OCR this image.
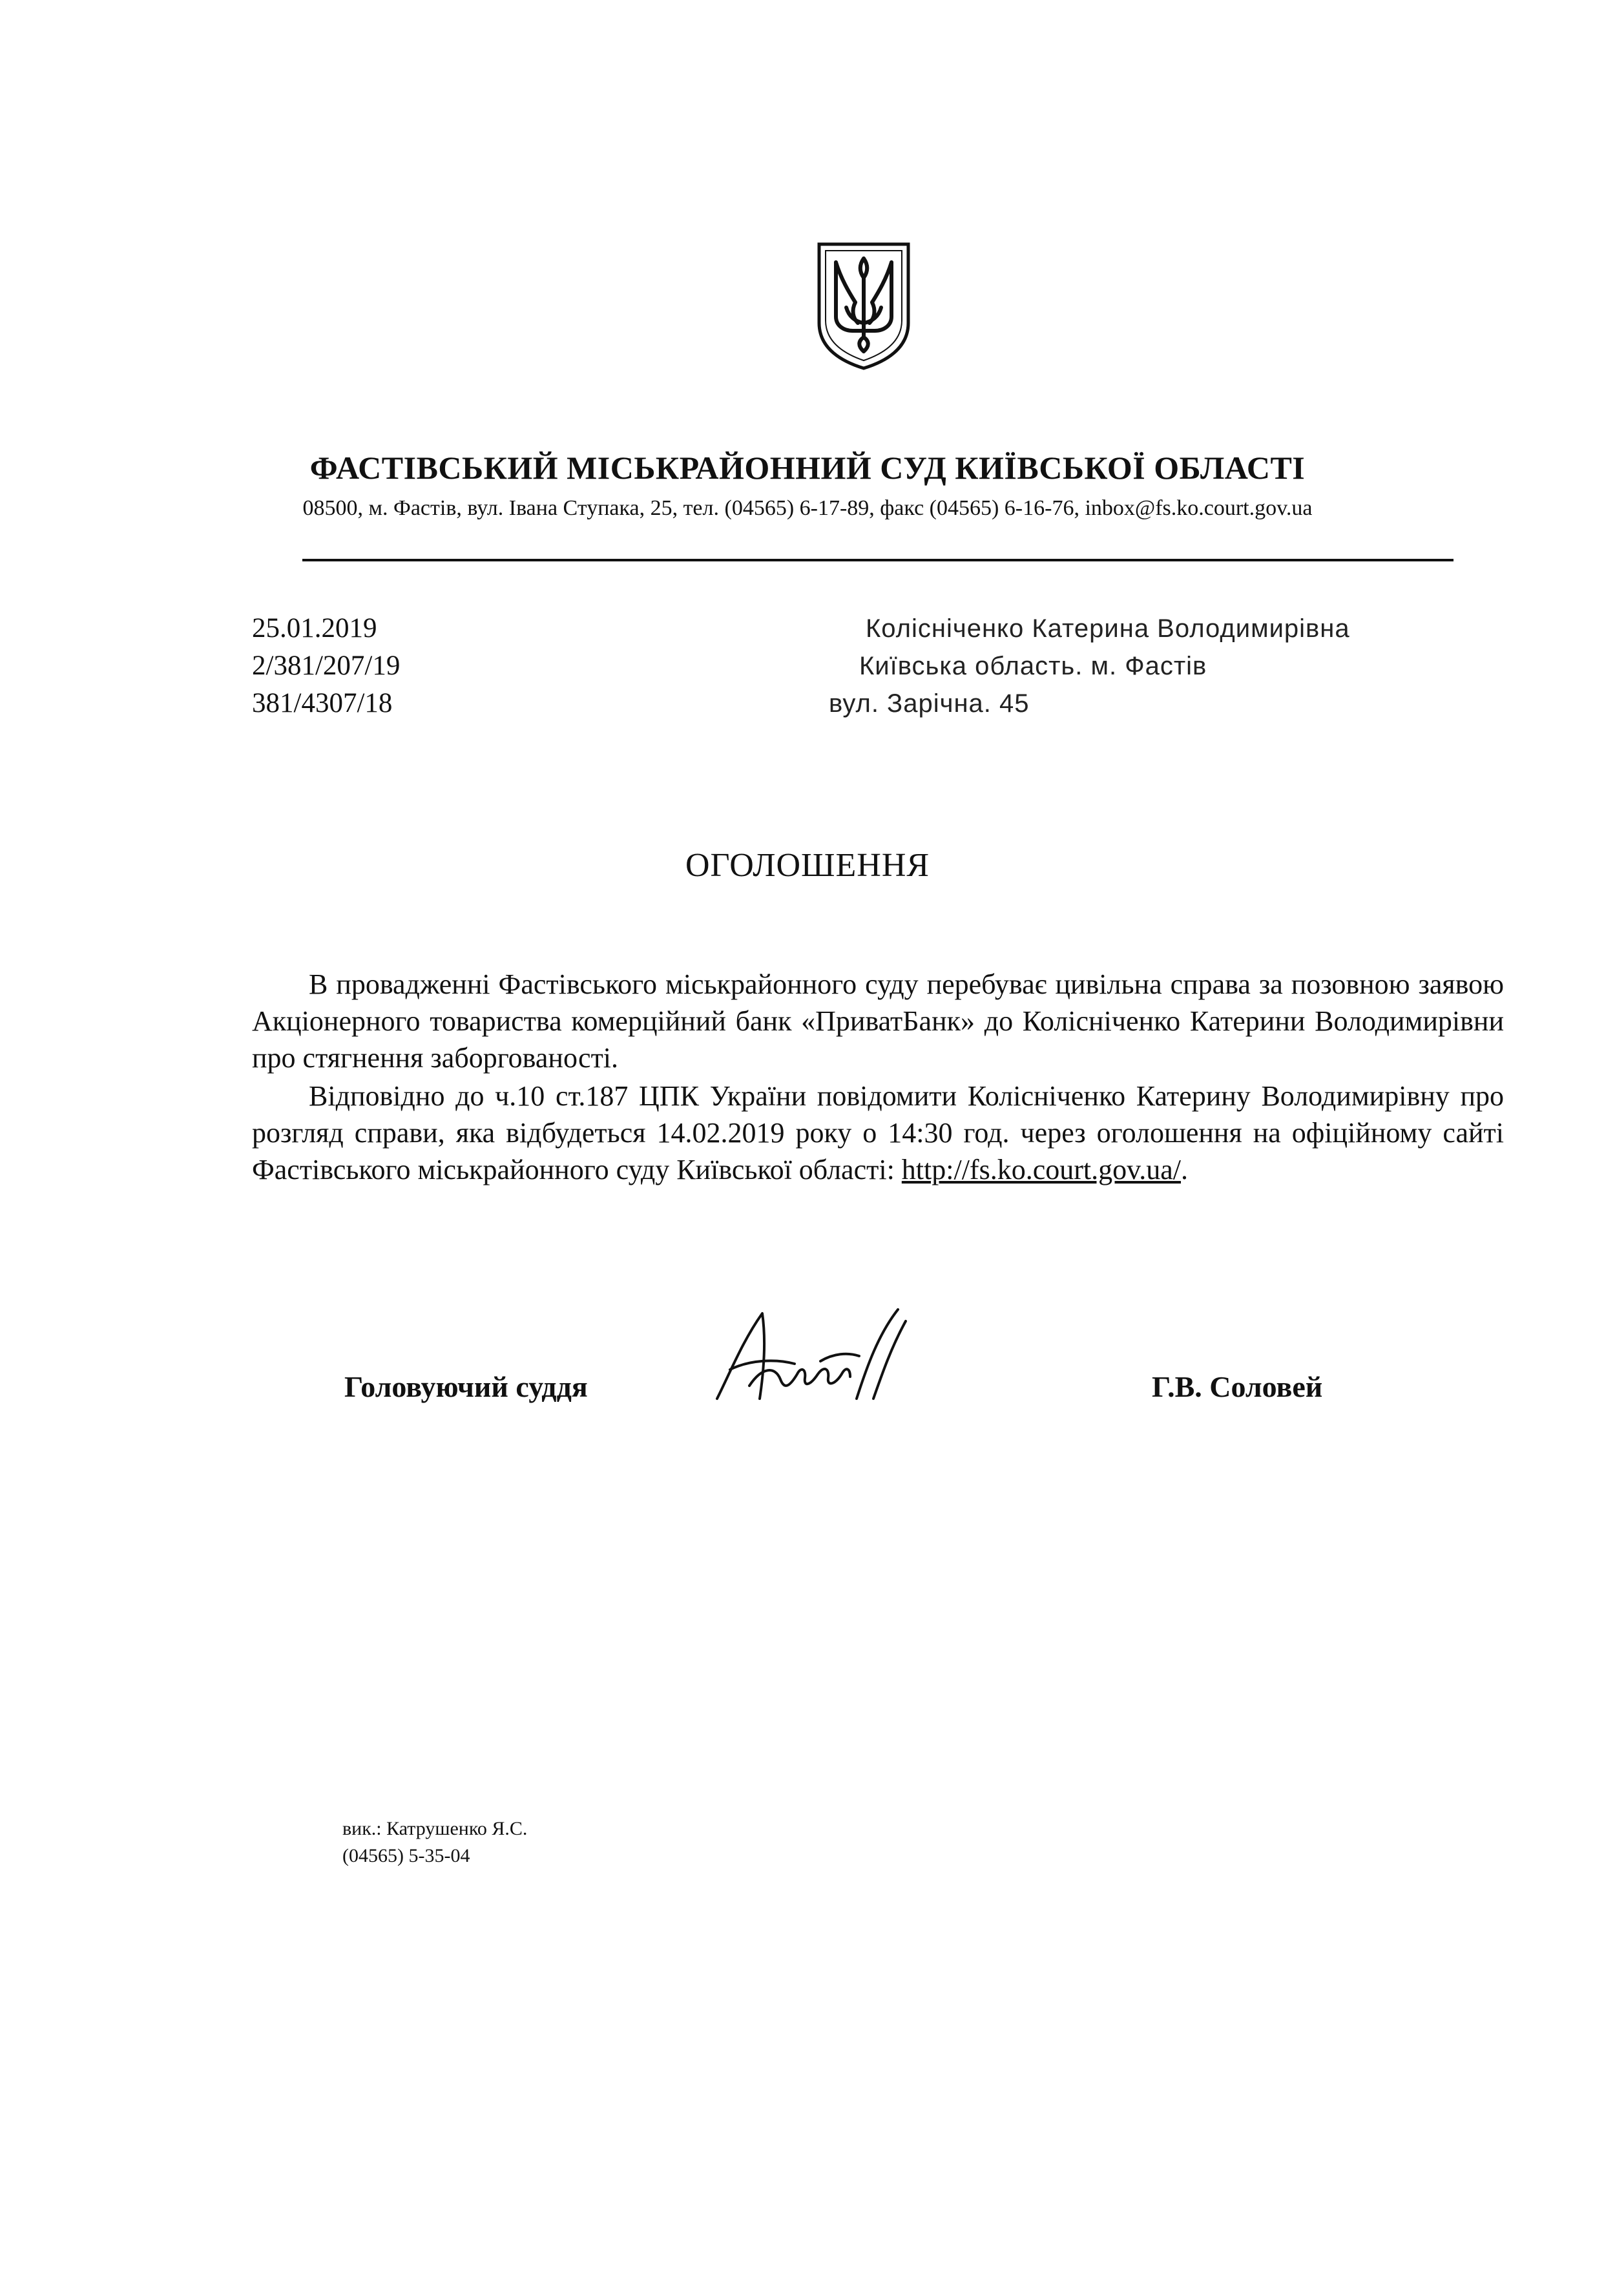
ФАСТІВСЬКИЙ МІСЬКРАЙОННИЙ СУД КИЇВСЬКОЇ ОБЛАСТІ
08500, м. Фастів, вул. Івана Ступака, 25, тел. (04565) 6-17-89, факс (04565) 6-16-76, inbox@fs.ko.court.gov.ua
25.01.2019
2/381/207/19
381/4307/18
Колісніченко Катерина Володимирівна
Київська область. м. Фастів
вул. Зарічна. 45
ОГОЛОШЕННЯ

В провадженні Фастівського міськрайонного суду перебуває цивільна справа за позовною заявою Акціонерного товариства комерційний банк «ПриватБанк» до Колісніченко Катерини Володимирівни про стягнення заборгованості.

Відповідно до ч.10 ст.187 ЦПК України повідомити Колісніченко Катерину Володимирівну про розгляд справи, яка відбудеться 14.02.2019 року о 14:30 год. через оголошення на офіційному сайті Фастівського міськрайонного суду Київської області: http://fs.ko.court.gov.ua/.

Головуючий суддя	Г.В. Соловей
вик.: Катрушенко Я.С.
(04565) 5-35-04
